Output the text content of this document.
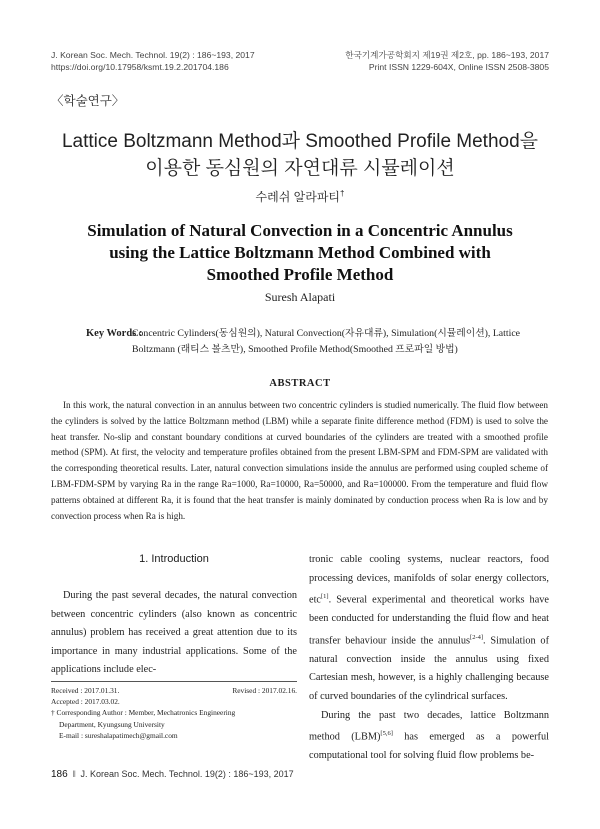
J. Korean Soc. Mech. Technol. 19(2) : 186~193, 2017
https://doi.org/10.17958/ksmt.19.2.201704.186
한국기계가공학회지 제19권 제2호, pp. 186~193, 2017
Print ISSN 1229-604X, Online ISSN 2508-3805
〈학술연구〉
Lattice Boltzmann Method과 Smoothed Profile Method을
이용한 동심원의 자연대류 시뮬레이션
수레쉬 알라파티†
Simulation of Natural Convection in a Concentric Annulus
using the Lattice Boltzmann Method Combined with
Smoothed Profile Method
Suresh Alapati
Key Words :
Concentric Cylinders(동심원의), Natural Convection(자유대류), Simulation(시뮬레이션), Lattice Boltzmann (래티스 볼츠만), Smoothed Profile Method(Smoothed 프로파일 방법)
ABSTRACT
In this work, the natural convection in an annulus between two concentric cylinders is studied numerically. The fluid flow between the cylinders is solved by the lattice Boltzmann method (LBM) while a separate finite difference method (FDM) is used to solve the heat transfer. No-slip and constant boundary conditions at curved boundaries of the cylinders are treated with a smoothed profile method (SPM). At first, the velocity and temperature profiles obtained from the present LBM-SPM and FDM-SPM are validated with the corresponding theoretical results. Later, natural convection simulations inside the annulus are performed using coupled scheme of LBM-FDM-SPM by varying Ra in the range Ra=1000, Ra=10000, Ra=50000, and Ra=100000. From the temperature and fluid flow patterns obtained at different Ra, it is found that the heat transfer is mainly dominated by conduction process when Ra is low and by convection process when Ra is high.
1. Introduction
During the past several decades, the natural convection between concentric cylinders (also known as concentric annulus) problem has received a great attention due to its importance in many industrial applications. Some of the applications include elec-

tronic cable cooling systems, nuclear reactors, food processing devices, manifolds of solar energy collectors, etc[1]. Several experimental and theoretical works have been conducted for understanding the fluid flow and heat transfer behaviour inside the annulus[2-4]. Simulation of natural convection inside the annulus using fixed Cartesian mesh, however, is a highly challenging because of curved boundaries of the cylindrical surfaces.

During the past two decades, lattice Boltzmann method (LBM)[5,6] has emerged as a powerful computational tool for solving fluid flow problems be-

Received : 2017.01.31.	Revised : 2017.02.16.
Accepted : 2017.03.02.
† Corresponding Author : Member, Mechatronics Engineering
Department, Kyungsung University
E-mail : sureshalapatimech@gmail.com
186 ‖ J. Korean Soc. Mech. Technol. 19(2) : 186~193, 2017
